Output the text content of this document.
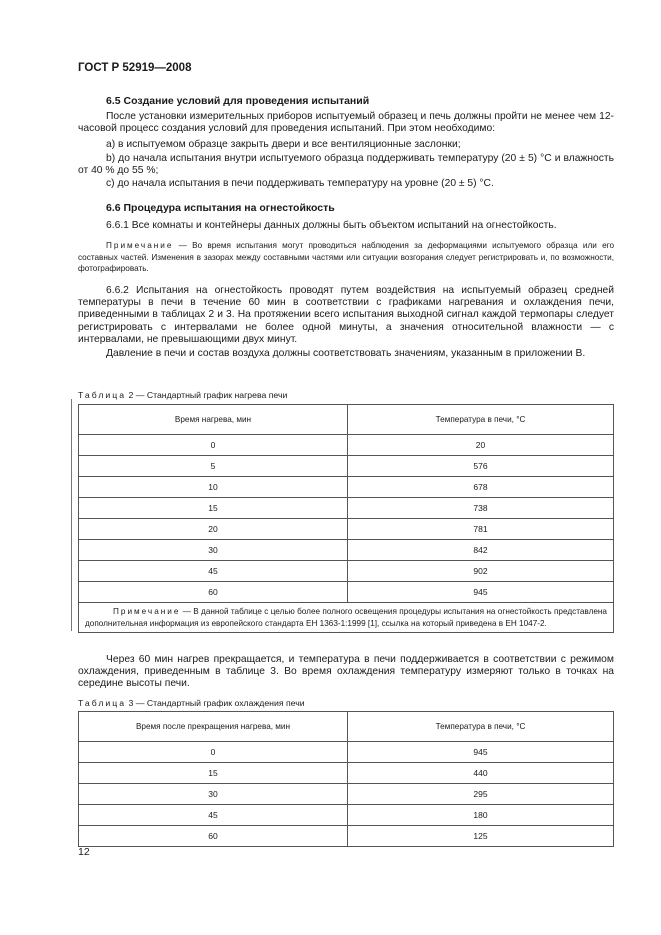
ГОСТ Р 52919—2008
6.5 Создание условий для проведения испытаний
После установки измерительных приборов испытуемый образец и печь должны пройти не менее чем 12-часовой процесс создания условий для проведения испытаний. При этом необходимо:
а) в испытуемом образце закрыть двери и все вентиляционные заслонки;
b) до начала испытания внутри испытуемого образца поддерживать температуру (20 ± 5) °С и влажность от 40 % до 55 %;
с) до начала испытания в печи поддерживать температуру на уровне (20 ± 5) °С.
6.6 Процедура испытания на огнестойкость
6.6.1 Все комнаты и контейнеры данных должны быть объектом испытаний на огнестойкость.
Примечание — Во время испытания могут проводиться наблюдения за деформациями испытуемого образца или его составных частей. Изменения в зазорах между составными частями или ситуации возгорания следует регистрировать и, по возможности, фотографировать.
6.6.2 Испытания на огнестойкость проводят путем воздействия на испытуемый образец средней температуры в печи в течение 60 мин в соответствии с графиками нагревания и охлаждения печи, приведенными в таблицах 2 и 3. На протяжении всего испытания выходной сигнал каждой термопары следует регистрировать с интервалами не более одной минуты, а значения относительной влажности — с интервалами, не превышающими двух минут.
Давление в печи и состав воздуха должны соответствовать значениям, указанным в приложении В.
Таблица 2 — Стандартный график нагрева печи
Время нагрева, мин	Температура в печи, °С
0	20
5	576
10	678
15	738
20	781
30	842
45	902
60	945
Примечание — В данной таблице с целью более полного освещения процедуры испытания на огнестойкость представлена дополнительная информация из европейского стандарта ЕН 1363-1:1999 [1], ссылка на который приведена в ЕН 1047-2.	
Через 60 мин нагрев прекращается, и температура в печи поддерживается в соответствии с режимом охлаждения, приведенным в таблице 3. Во время охлаждения температуру измеряют только в точках на середине высоты печи.
Таблица 3 — Стандартный график охлаждения печи
Время после прекращения нагрева, мин	Температура в печи, °С
0	945
15	440
30	295
45	180
60	125
12
